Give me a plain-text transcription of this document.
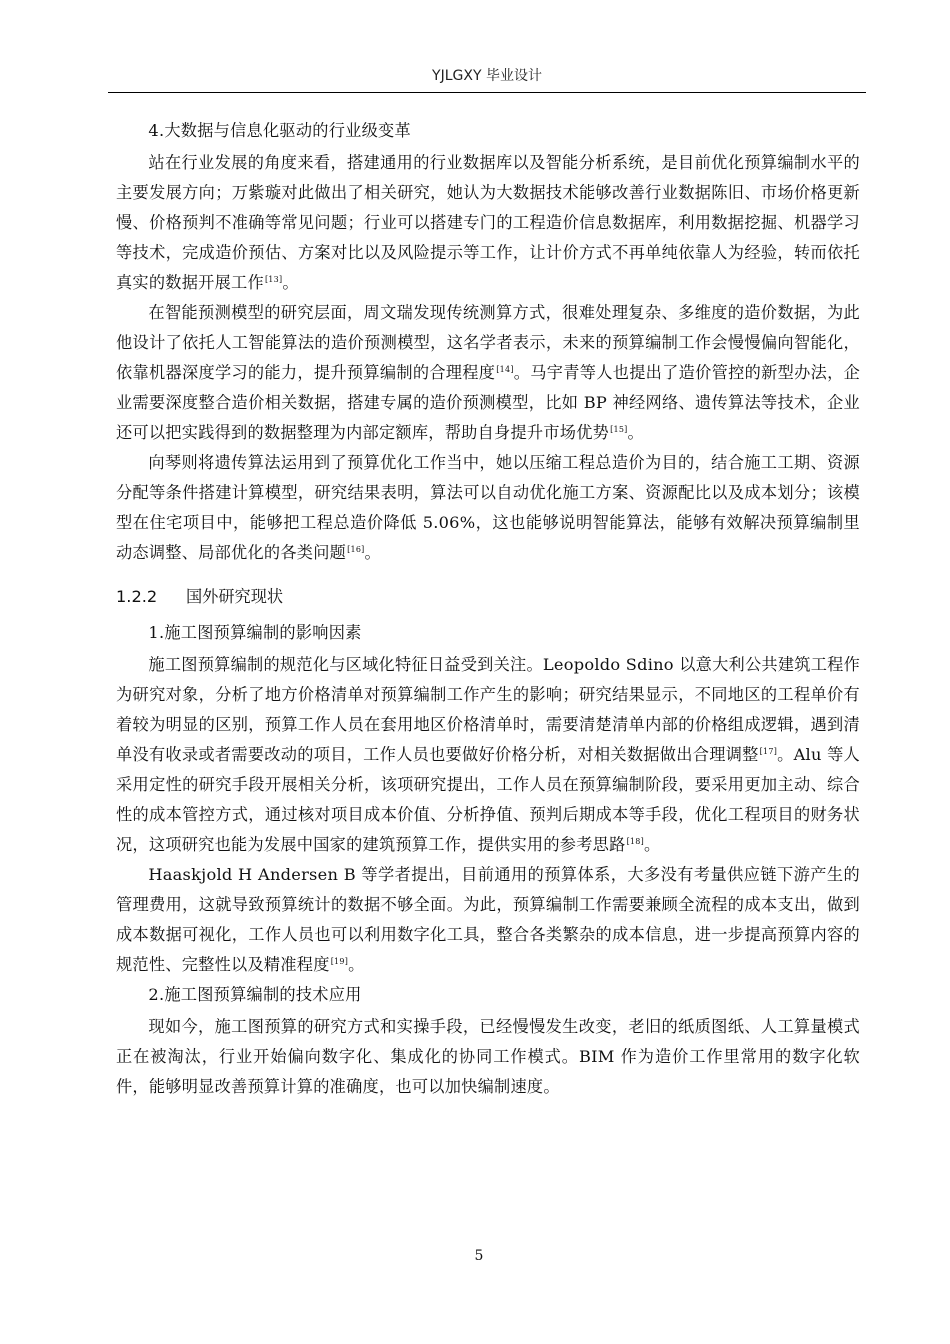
YJLGXY 毕业设计

4.大数据与信息化驱动的行业级变革

站在行业发展的角度来看，搭建通用的行业数据库以及智能分析系统，是目前优化预算编制水平的主要发展方向；万紫璇对此做出了相关研究，她认为大数据技术能够改善行业数据陈旧、市场价格更新慢、价格预判不准确等常见问题；行业可以搭建专门的工程造价信息数据库，利用数据挖掘、机器学习等技术，完成造价预估、方案对比以及风险提示等工作，让计价方式不再单纯依靠人为经验，转而依托真实的数据开展工作[13]。

在智能预测模型的研究层面，周文瑞发现传统测算方式，很难处理复杂、多维度的造价数据，为此他设计了依托人工智能算法的造价预测模型，这名学者表示，未来的预算编制工作会慢慢偏向智能化，依靠机器深度学习的能力，提升预算编制的合理程度[14]。马宇青等人也提出了造价管控的新型办法，企业需要深度整合造价相关数据，搭建专属的造价预测模型，比如 BP 神经网络、遗传算法等技术，企业还可以把实践得到的数据整理为内部定额库，帮助自身提升市场优势[15]。

向琴则将遗传算法运用到了预算优化工作当中，她以压缩工程总造价为目的，结合施工工期、资源分配等条件搭建计算模型，研究结果表明，算法可以自动优化施工方案、资源配比以及成本划分；该模型在住宅项目中，能够把工程总造价降低 5.06%，这也能够说明智能算法，能够有效解决预算编制里动态调整、局部优化的各类问题[16]。

1.2.2 国外研究现状

1.施工图预算编制的影响因素

施工图预算编制的规范化与区域化特征日益受到关注。Leopoldo Sdino 以意大利公共建筑工程作为研究对象，分析了地方价格清单对预算编制工作产生的影响；研究结果显示，不同地区的工程单价有着较为明显的区别，预算工作人员在套用地区价格清单时，需要清楚清单内部的价格组成逻辑，遇到清单没有收录或者需要改动的项目，工作人员也要做好价格分析，对相关数据做出合理调整[17]。Alu 等人采用定性的研究手段开展相关分析，该项研究提出，工作人员在预算编制阶段，要采用更加主动、综合性的成本管控方式，通过核对项目成本价值、分析挣值、预判后期成本等手段，优化工程项目的财务状况，这项研究也能为发展中国家的建筑预算工作，提供实用的参考思路[18]。

Haaskjold H Andersen B 等学者提出，目前通用的预算体系，大多没有考量供应链下游产生的管理费用，这就导致预算统计的数据不够全面。为此，预算编制工作需要兼顾全流程的成本支出，做到成本数据可视化，工作人员也可以利用数字化工具，整合各类繁杂的成本信息，进一步提高预算内容的规范性、完整性以及精准程度[19]。

2.施工图预算编制的技术应用

现如今，施工图预算的研究方式和实操手段，已经慢慢发生改变，老旧的纸质图纸、人工算量模式正在被淘汰，行业开始偏向数字化、集成化的协同工作模式。BIM 作为造价工作里常用的数字化软件，能够明显改善预算计算的准确度，也可以加快编制速度。

5
